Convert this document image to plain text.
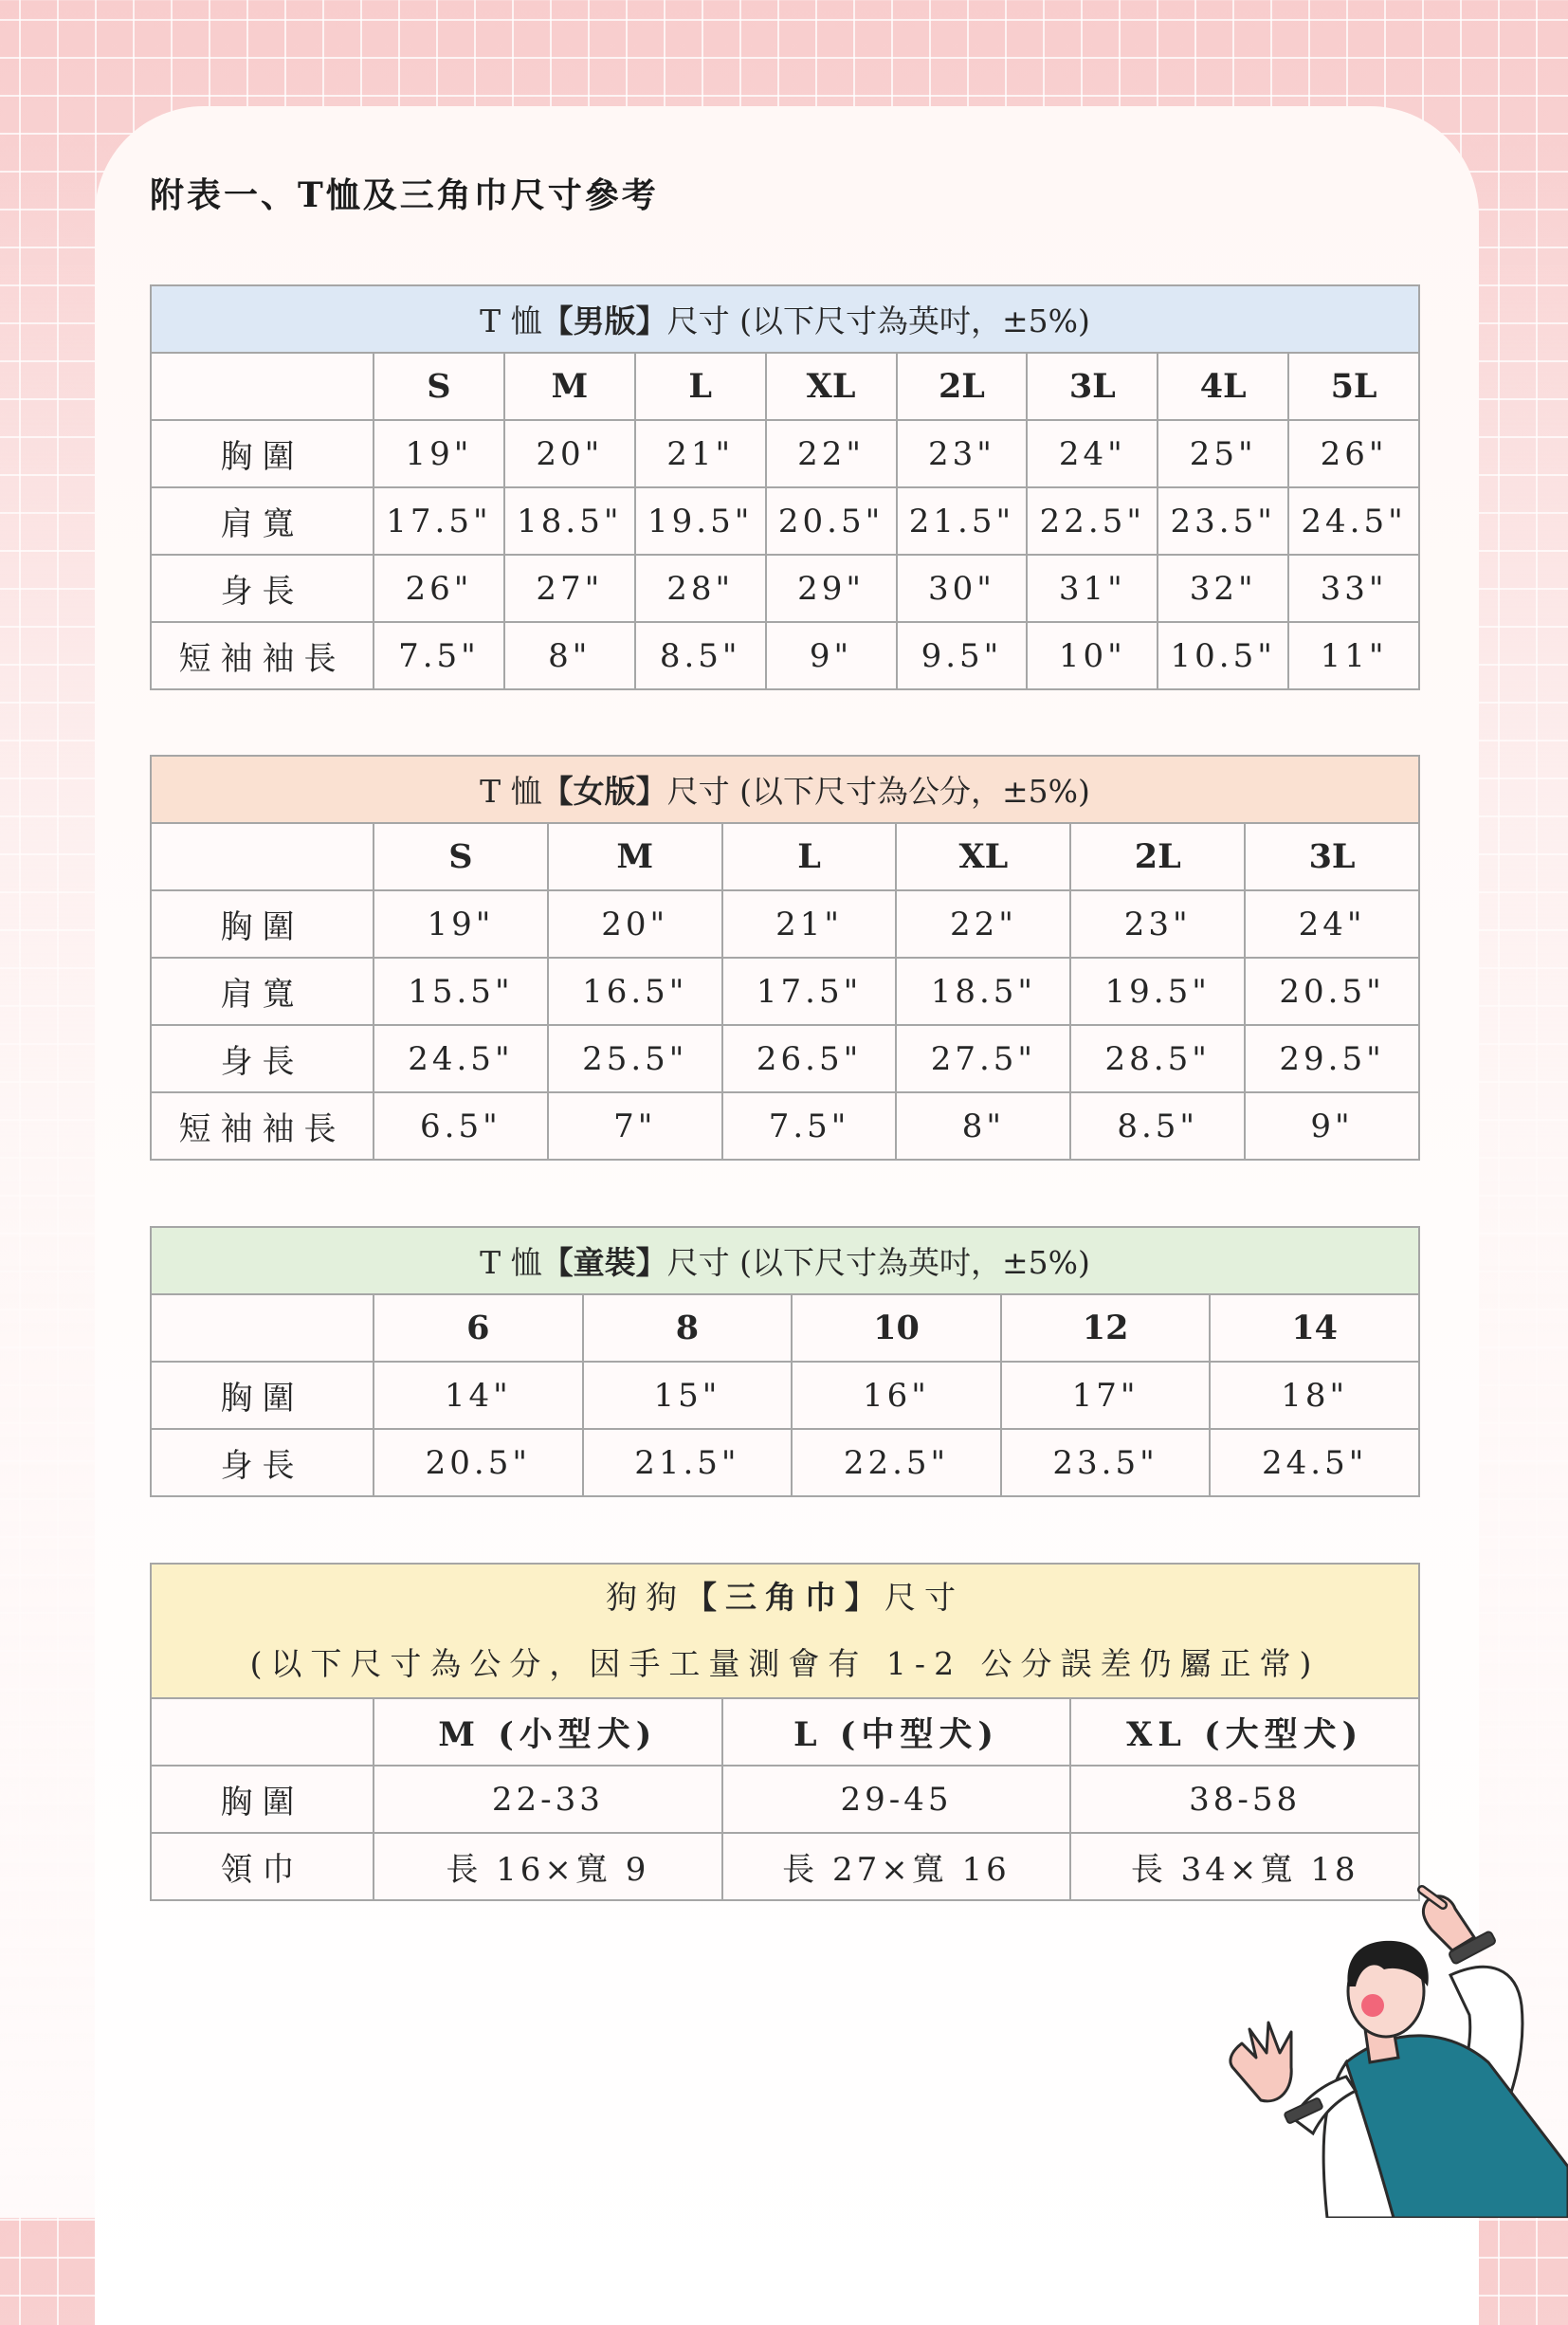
附表一、T恤及三角巾尺寸參考
T 恤【男版】尺寸 (以下尺寸為英吋，±5%)								
	S	M	L	XL	2L	3L	4L	5L
胸圍	19"	20"	21"	22"	23"	24"	25"	26"
肩寬	17.5"	18.5"	19.5"	20.5"	21.5"	22.5"	23.5"	24.5"
身長	26"	27"	28"	29"	30"	31"	32"	33"
短袖袖長	7.5"	8"	8.5"	9"	9.5"	10"	10.5"	11"
T 恤【女版】尺寸 (以下尺寸為公分，±5%)						
	S	M	L	XL	2L	3L
胸圍	19"	20"	21"	22"	23"	24"
肩寬	15.5"	16.5"	17.5"	18.5"	19.5"	20.5"
身長	24.5"	25.5"	26.5"	27.5"	28.5"	29.5"
短袖袖長	6.5"	7"	7.5"	8"	8.5"	9"
T 恤【童裝】尺寸 (以下尺寸為英吋，±5%)					
	6	8	10	12	14
胸圍	14"	15"	16"	17"	18"
身長	20.5"	21.5"	22.5"	23.5"	24.5"
狗狗【三角巾】尺寸
(以下尺寸為公分，因手工量測會有 1-2 公分誤差仍屬正常)			

	M (小型犬)	L (中型犬)	XL (大型犬)
胸圍	22-33	29-45	38-58
領巾	長 16×寬 9	長 27×寬 16	長 34×寬 18
